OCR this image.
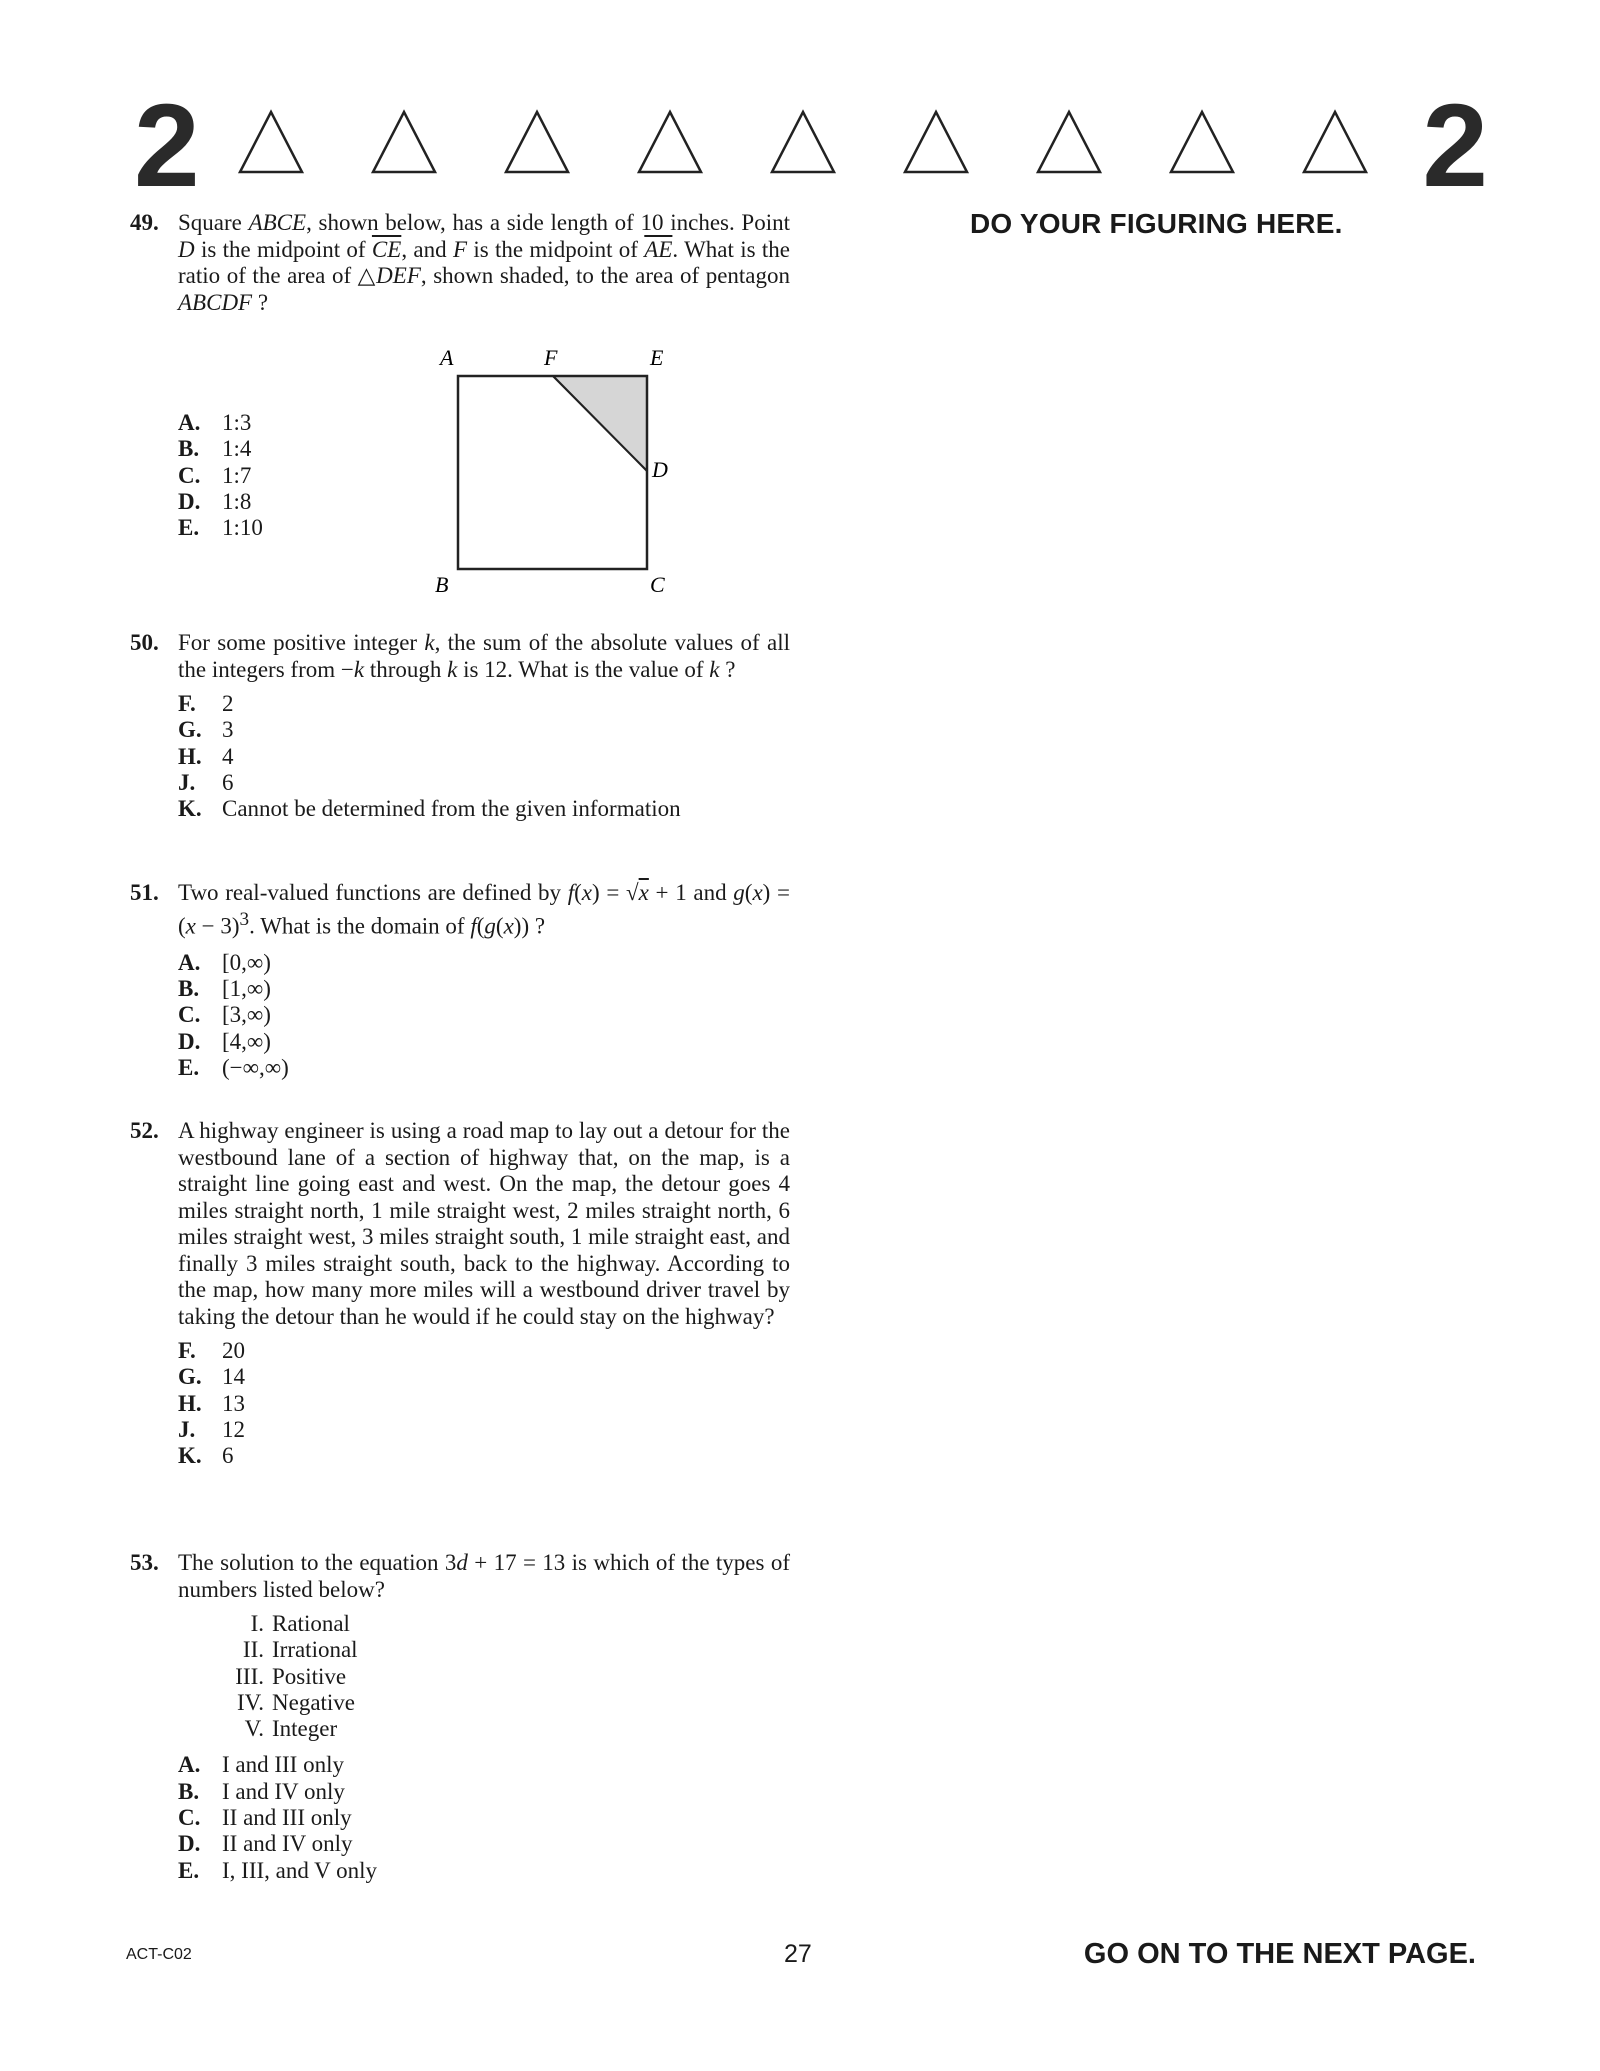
2	2
DO YOUR FIGURING HERE.
49. Square ABCE, shown below, has a side length of 10 inches. Point D is the midpoint of $\overline{CE}$, and F is the midpoint of $\overline{AE}$. What is the ratio of the area of △DEF, shown shaded, to the area of pentagon ABCDF ?
A. 1:3
B. 1:4
C. 1:7
D. 1:8
E. 1:10
A	F	E
D
B	C
50. For some positive integer k, the sum of the absolute values of all the integers from −k through k is 12. What is the value of k ?
F. 2
G. 3
H. 4
J. 6
K. Cannot be determined from the given information
51. Two real-valued functions are defined by f(x) = √x + 1 and $g(x) = (x - 3)^3$. What is the domain of f(g(x)) ?
A. [0,∞)
B. [1,∞)
C. [3,∞)
D. [4,∞)
E. (−∞,∞)
52. A highway engineer is using a road map to lay out a detour for the westbound lane of a section of highway that, on the map, is a straight line going east and west. On the map, the detour goes 4 miles straight north, 1 mile straight west, 2 miles straight north, 6 miles straight west, 3 miles straight south, 1 mile straight east, and finally 3 miles straight south, back to the highway. According to the map, how many more miles will a westbound driver travel by taking the detour than he would if he could stay on the highway?
F. 20
G. 14
H. 13
J. 12
K. 6
53. The solution to the equation 3d + 17 = 13 is which of the types of numbers listed below?
I. Rational
II. Irrational
III. Positive
IV. Negative
V. Integer
A. I and III only
B. I and IV only
C. II and III only
D. II and IV only
E. I, III, and V only
ACT-C02	27	GO ON TO THE NEXT PAGE.
